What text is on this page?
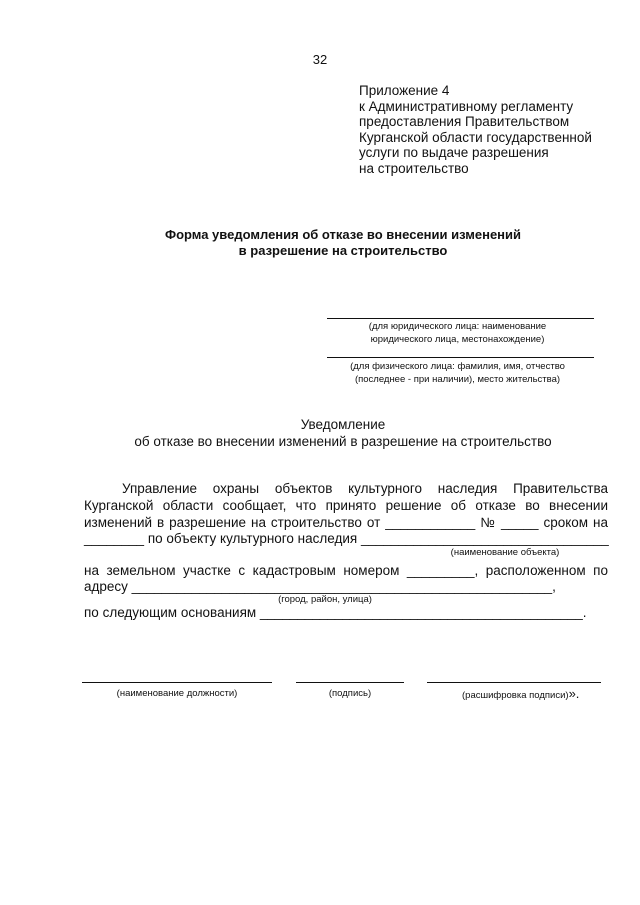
32
Приложение 4
к Административному регламенту
предоставления Правительством
Курганской области государственной
услуги по выдаче разрешения
на строительство
Форма уведомления об отказе во внесении изменений
в разрешение на строительство
(для юридического лица: наименование
юридического лица, местонахождение)
(для физического лица: фамилия, имя, отчество
(последнее - при наличии), место жительства)
Уведомление
об отказе во внесении изменений в разрешение на строительство
Управление охраны объектов культурного наследия Правительства
Курганской области сообщает, что принято решение об отказе во внесении
изменений в разрешение на строительство от ____________ № _____ сроком на
________ по объекту культурного наследия _________________________________
(наименование объекта)
на земельном участке с кадастровым номером _________, расположенном по
адресу ________________________________________________________,
(город, район, улица)
по следующим основаниям ___________________________________________.
(наименование должности)	(подпись)	(расшифровка подписи)».
